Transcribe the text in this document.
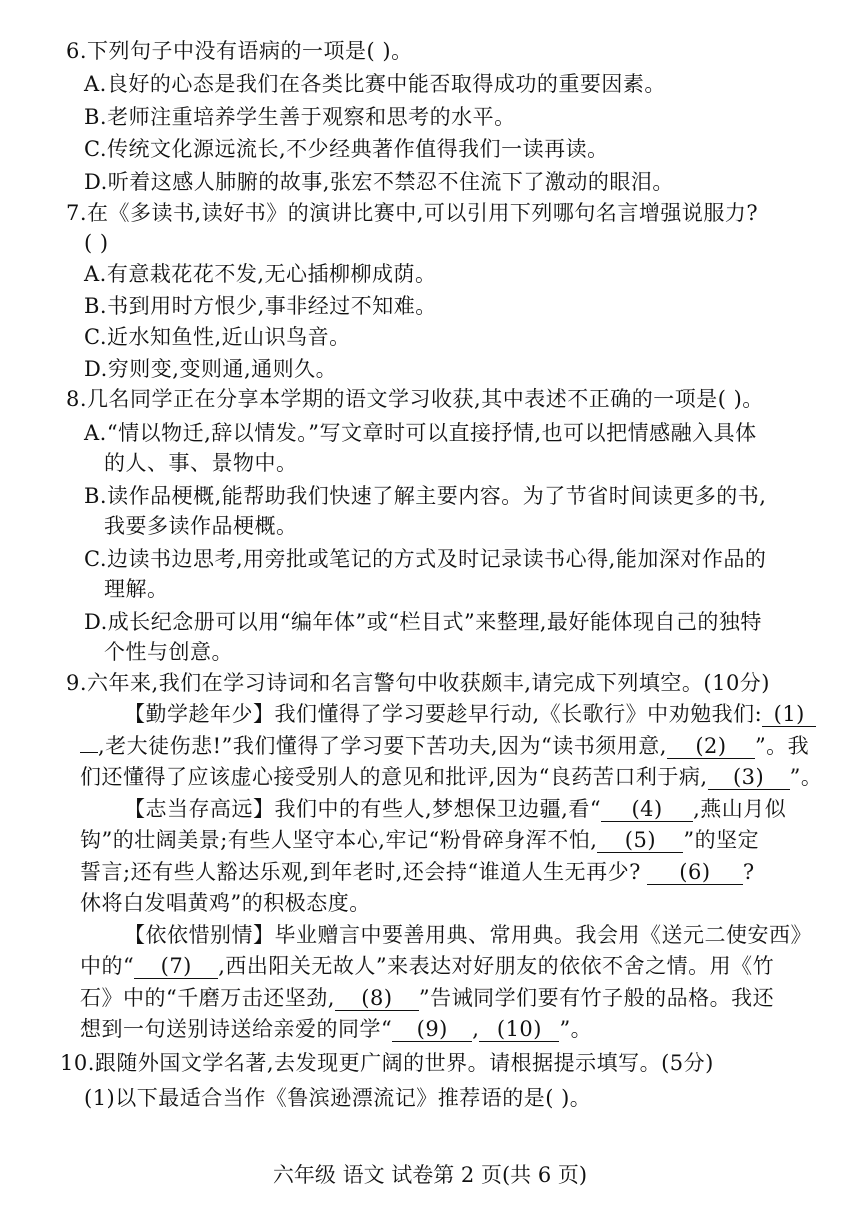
6.下列句子中没有语病的一项是( )。
A.良好的心态是我们在各类比赛中能否取得成功的重要因素。
B.老师注重培养学生善于观察和思考的水平。
C.传统文化源远流长,不少经典著作值得我们一读再读。
D.听着这感人肺腑的故事,张宏不禁忍不住流下了激动的眼泪。
7.在《多读书,读好书》的演讲比赛中,可以引用下列哪句名言增强说服力?
( )
A.有意栽花花不发,无心插柳柳成荫。
B.书到用时方恨少,事非经过不知难。
C.近水知鱼性,近山识鸟音。
D.穷则变,变则通,通则久。
8.几名同学正在分享本学期的语文学习收获,其中表述不正确的一项是( )。
A.“情以物迁,辞以情发。”写文章时可以直接抒情,也可以把情感融入具体
的人、事、景物中。
B.读作品梗概,能帮助我们快速了解主要内容。为了节省时间读更多的书,
我要多读作品梗概。
C.边读书边思考,用旁批或笔记的方式及时记录读书心得,能加深对作品的
理解。
D.成长纪念册可以用“编年体”或“栏目式”来整理,最好能体现自己的独特
个性与创意。
9.六年来,我们在学习诗词和名言警句中收获颇丰,请完成下列填空。(10分)
【勤学趁年少】我们懂得了学习要趁早行动,《长歌行》中劝勉我们: (1)
,老大徒伤悲!”我们懂得了学习要下苦功夫,因为“读书须用意, (2) ”。我
们还懂得了应该虚心接受别人的意见和批评,因为“良药苦口利于病, (3) ”。
【志当存高远】我们中的有些人,梦想保卫边疆,看“ (4) ,燕山月似
钩”的壮阔美景;有些人坚守本心,牢记“粉骨碎身浑不怕, (5) ”的坚定
誓言;还有些人豁达乐观,到年老时,还会持“谁道人生无再少? (6) ?
休将白发唱黄鸡”的积极态度。
【依依惜别情】毕业赠言中要善用典、常用典。我会用《送元二使安西》
中的“ (7) ,西出阳关无故人”来表达对好朋友的依依不舍之情。用《竹
石》中的“千磨万击还坚劲, (8) ”告诫同学们要有竹子般的品格。我还
想到一句送别诗送给亲爱的同学“ (9) , (10) ”。
六年级 语文 试卷第 2 页(共 6 页)
10.跟随外国文学名著,去发现更广阔的世界。请根据提示填写。(5分)
(1)以下最适合当作《鲁滨逊漂流记》推荐语的是( )。
